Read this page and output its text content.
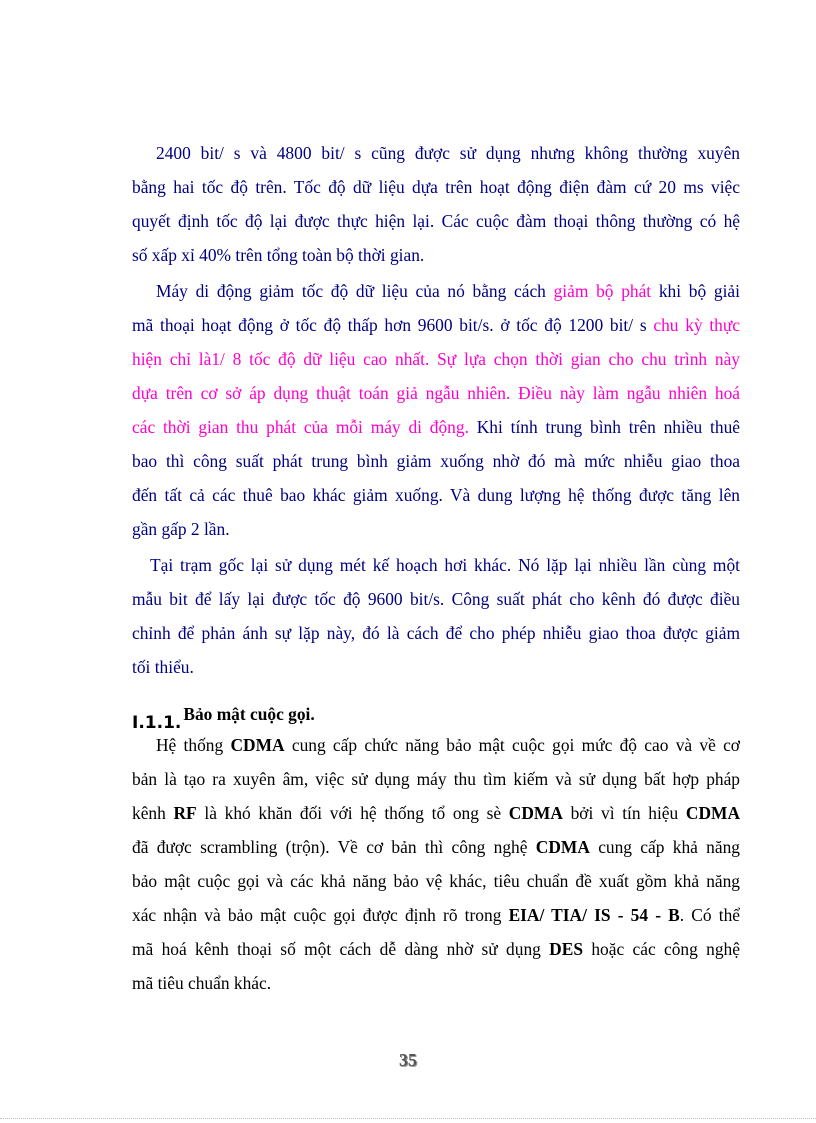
2400 bit/ s và 4800 bit/ s cũng được sử dụng nhưng không thường xuyên
bằng hai tốc độ trên. Tốc độ dữ liệu dựa trên hoạt động điện đàm cứ 20 ms việc
quyết định tốc độ lại được thực hiện lại. Các cuộc đàm thoại thông thường có hệ
số xấp xỉ 40% trên tổng toàn bộ thời gian.
Máy di động giảm tốc độ dữ liệu của nó bằng cách giảm bộ phát khi bộ giải
mã thoại hoạt động ở tốc độ thấp hơn 9600 bit/s. ở tốc độ 1200 bit/ s chu kỳ thực
hiện chỉ là1/ 8 tốc độ dữ liệu cao nhất. Sự lựa chọn thời gian cho chu trình này
dựa trên cơ sở áp dụng thuật toán giả ngẫu nhiên. Điều này làm ngẫu nhiên hoá
các thời gian thu phát của mỗi máy di động. Khi tính trung bình trên nhiều thuê
bao thì công suất phát trung bình giảm xuống nhờ đó mà mức nhiễu giao thoa
đến tất cả các thuê bao khác giảm xuống. Và dung lượng hệ thống được tăng lên
gần gấp 2 lần.
Tại trạm gốc lại sử dụng mét kế hoạch hơi khác. Nó lặp lại nhiều lần cùng một
mẫu bit để lấy lại được tốc độ 9600 bit/s. Công suất phát cho kênh đó được điều
chỉnh để phản ánh sự lặp này, đó là cách để cho phép nhiễu giao thoa được giảm
tối thiểu.
I.1.1. Bảo mật cuộc gọi.
Hệ thống CDMA cung cấp chức năng bảo mật cuộc gọi mức độ cao và về cơ
bản là tạo ra xuyên âm, việc sử dụng máy thu tìm kiếm và sử dụng bất hợp pháp
kênh RF là khó khăn đối với hệ thống tổ ong sè CDMA bởi vì tín hiệu CDMA
đã được scrambling (trộn). Về cơ bản thì công nghệ CDMA cung cấp khả năng
bảo mật cuộc gọi và các khả năng bảo vệ khác, tiêu chuẩn đề xuất gồm khả năng
xác nhận và bảo mật cuộc gọi được định rõ trong EIA/ TIA/ IS - 54 - B. Có thể
mã hoá kênh thoại số một cách dễ dàng nhờ sử dụng DES hoặc các công nghệ
mã tiêu chuẩn khác.
35
